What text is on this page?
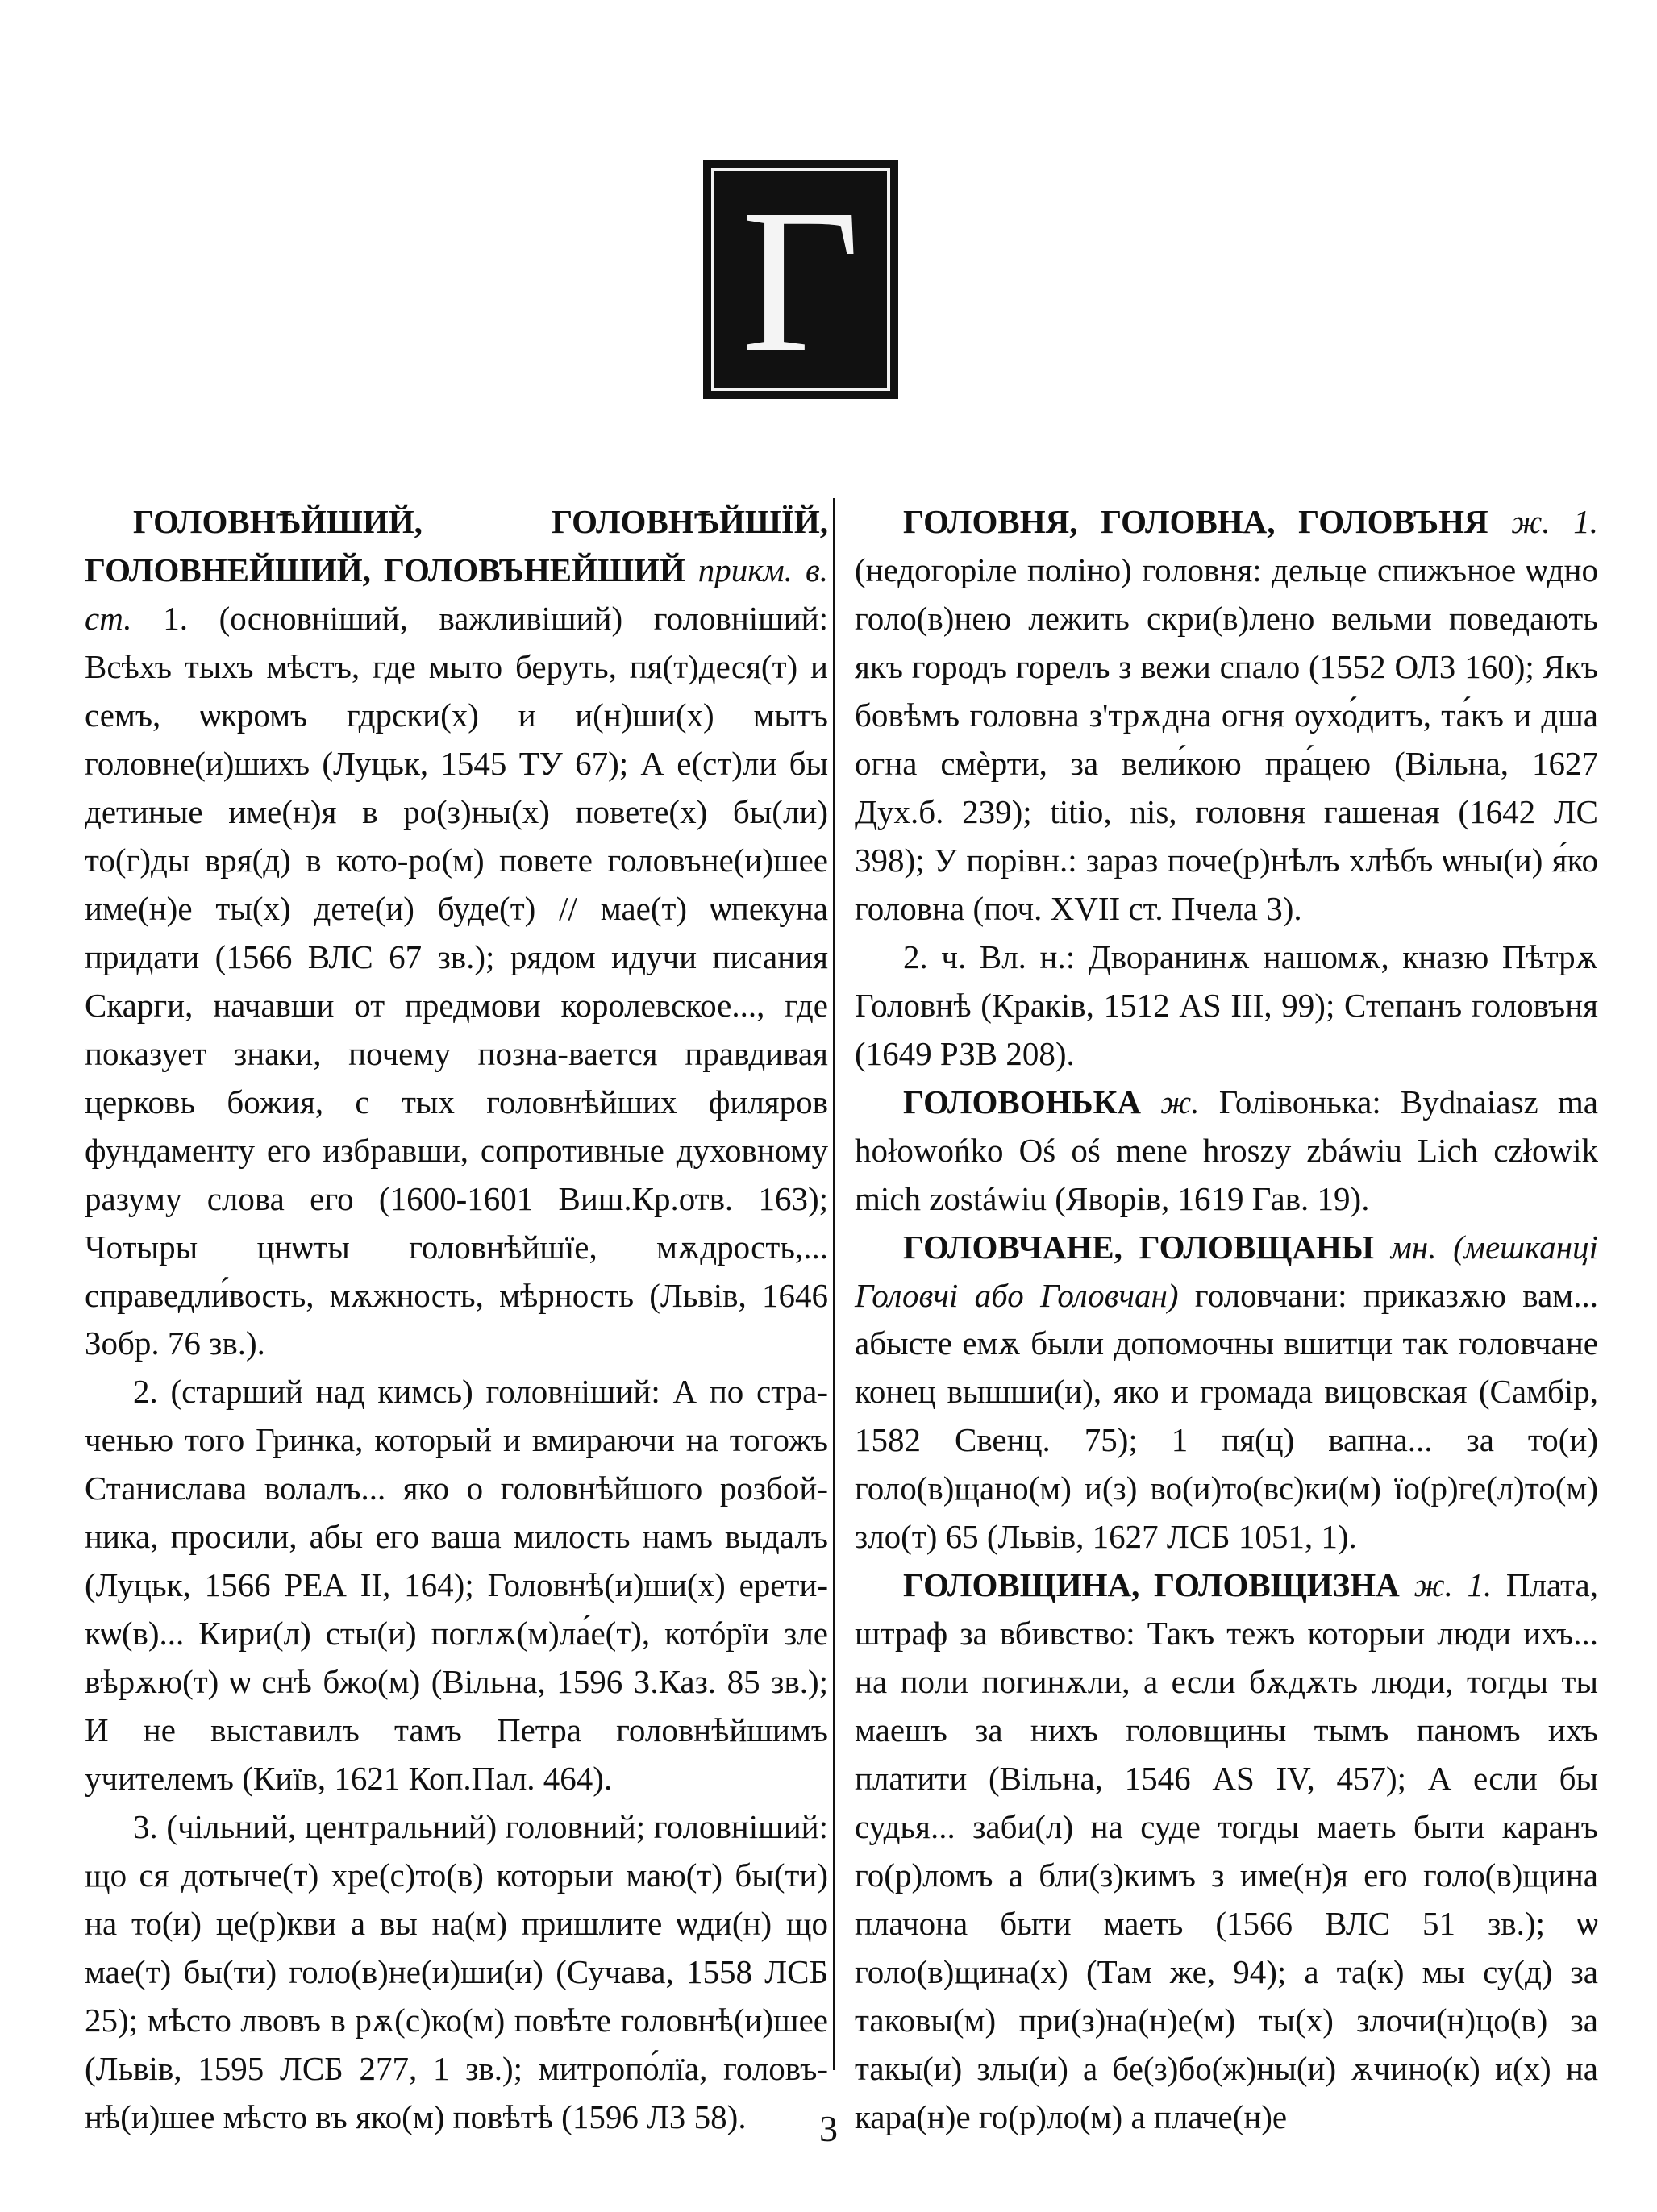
Г

ГОЛОВНѢЙШИЙ, ГОЛОВНѢЙШЇЙ, ГОЛОВНЕЙШИЙ, ГОЛОВЪНЕЙШИЙ прикм. в. ст. 1. (основніший, важливіший) головніший: Всѣхъ тыхъ мѣстъ, где мыто беруть, пя(т)деся(т) и семъ, ѡкромъ гдрски(х) и и(н)ши(х) мытъ головне(и)шихъ (Луцьк, 1545 ТУ 67); А е(ст)ли бы детиные име(н)я в ро(з)ны(х) повете(х) бы(ли) то(г)ды вря(д) в кото-ро(м) повете головъне(и)шее име(н)е ты(х) дете(и) буде(т) // мае(т) ѡпекуна придати (1566 ВЛС 67 зв.); рядом идучи писания Скарги, начавши от предмови королевское..., где показует знаки, почему позна-вается правдивая церковь божия, с тых головнѣйших филяров фундаменту его избравши, сопротивные духовному разуму слова его (1600-1601 Виш.Кр.отв. 163); Чотыры цнѡты головнѣйшїе, мѫдрость,... справедли́вость, мѫжность, мѣрность (Львів, 1646 Зобр. 76 зв.).

2. (старший над кимсь) головніший: А по стра-ченью того Гринка, который и вмираючи на тогожъ Станислава волалъ... яко о головнѣйшого розбой-ника, просили, абы его ваша милость намъ выдалъ (Луцьк, 1566 РЕА II, 164); Головнѣ(и)ши(х) ерети-кѡ(в)... Кири(л) сты(и) поглѫ(м)ла́е(т), котóрїи зле вѣрѫю(т) ѡ снѣ бжо(м) (Вільна, 1596 З.Каз. 85 зв.); И не выставилъ тамъ Петра головнѣйшимъ учителемъ (Київ, 1621 Коп.Пал. 464).

3. (чільний, центральний) головний; головніший: що ся дотыче(т) хре(с)то(в) которыи маю(т) бы(ти) на то(и) це(р)кви а вы на(м) пришлите ѡди(н) що мае(т) бы(ти) голо(в)не(и)ши(и) (Сучава, 1558 ЛСБ 25); мѣсто лвовъ в рѫ(с)ко(м) повѣте головнѣ(и)шее (Львів, 1595 ЛСБ 277, 1 зв.); митропо́лїа, головъ-нѣ(и)шее мѣсто въ яко(м) повѣтѣ (1596 ЛЗ 58).

ГОЛОВНЯ, ГОЛОВНА, ГОЛОВЪНЯ ж. 1. (недогоріле поліно) головня: дельце спижъное ѡдно голо(в)нею лежить скри(в)лено вельми поведають якъ городъ горелъ з вежи спало (1552 ОЛЗ 160); Якъ бовѣмъ головна з'трѫдна огня оухо́дитъ, та́къ и дша огна смѐрти, за вели́кою пра́цею (Вільна, 1627 Дух.б. 239); titio, nis, головня гашеная (1642 ЛС 398); У порівн.: зараз почe(р)нѣлъ хлѣбъ ѡны(и) я́ко головна (поч. XVII ст. Пчела 3).

2. ч. Вл. н.: Дворанинѫ нашомѫ, кназю Пѣтрѫ Головнѣ (Краків, 1512 AS III, 99); Степанъ головъня (1649 РЗВ 208).

ГОЛОВОНЬКА ж. Голівонька: Bydnaiasz ma hołowońko Oś oś mene hroszy zbáwiu Lich człowik mich zostáwiu (Яворів, 1619 Гав. 19).

ГОЛОВЧАНЕ, ГОЛОВЩАНЫ мн. (мешканці Головчі або Головчан) головчани: приказѫю вам... абысте емѫ были допомочны вшитци так головчане конец вышши(и), яко и громада вицовская (Самбір, 1582 Свенц. 75); 1 пя(ц) вапна... за то(и) голо(в)щано(м) и(з) во(и)то(вс)ки(м) їо(р)ге(л)то(м) зло(т) 65 (Львів, 1627 ЛСБ 1051, 1).

ГОЛОВЩИНА, ГОЛОВЩИЗНА ж. 1. Плата, штраф за вбивство: Такъ тежъ которыи люди ихъ... на поли погинѫли, а если бѫдѫть люди, тогды ты маешъ за нихъ головщины тымъ паномъ ихъ платити (Вільна, 1546 AS IV, 457); А если бы судья... заби(л) на суде тогды маеть быти каранъ го(р)ломъ а бли(з)кимъ з име(н)я его голо(в)щина плачона быти маеть (1566 ВЛС 51 зв.); ѡ голо(в)щина(х) (Там же, 94); а та(к) мы су(д) за таковы(м) при(з)на(н)е(м) ты(х) злочи(н)цо(в) за такы(и) злы(и) а бе(з)бо(ж)ны(и) ѫчино(к) и(х) на кара(н)е го(р)ло(м) а плаче(н)е

3
